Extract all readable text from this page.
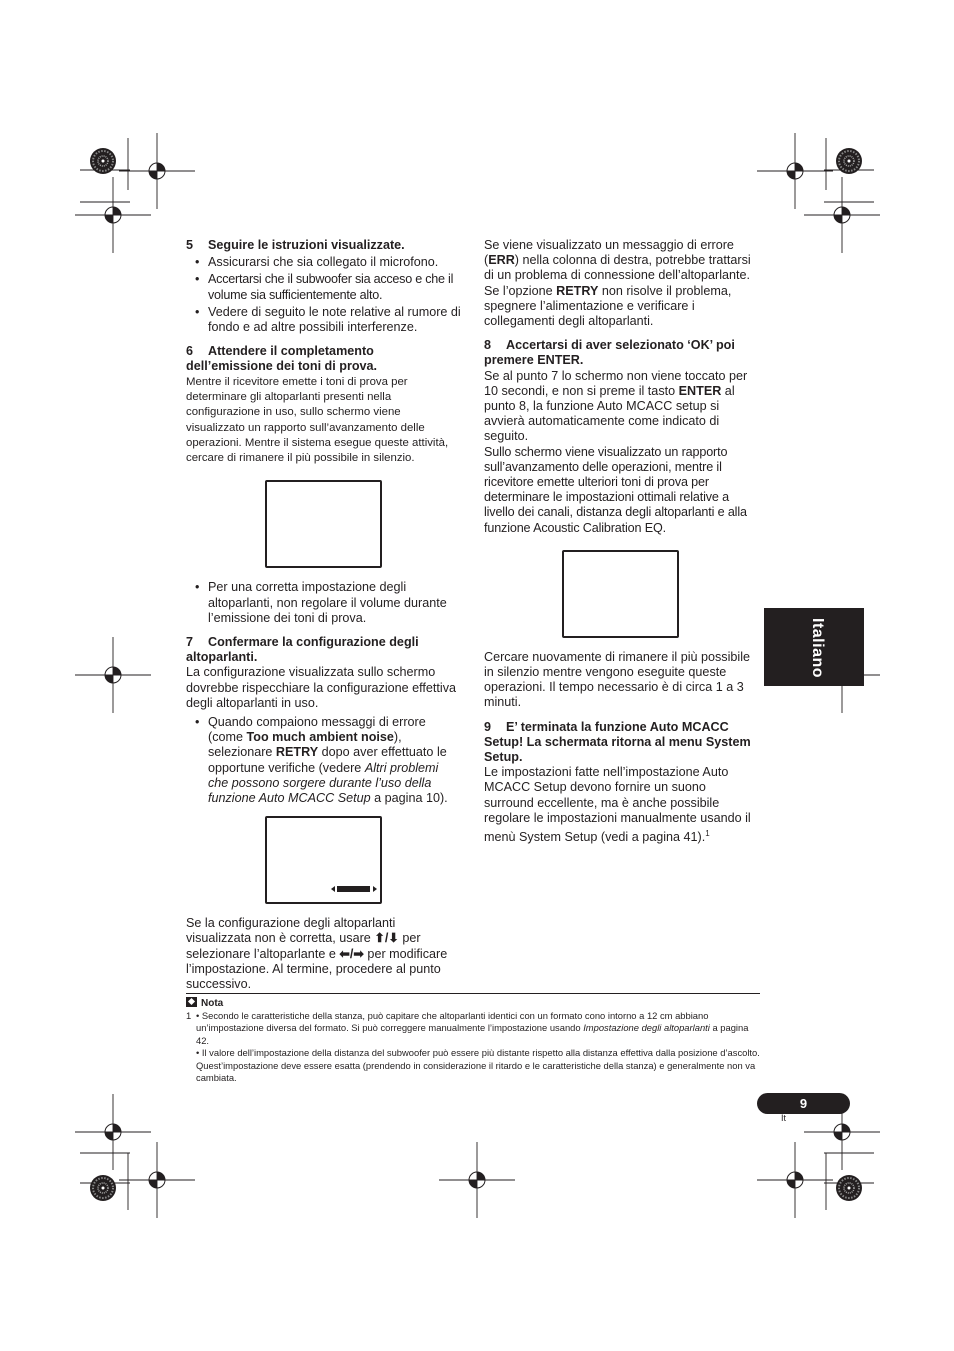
5 Seguire le istruzioni visualizzate.

• Assicurarsi che sia collegato il microfono.
• Accertarsi che il subwoofer sia acceso e che il volume sia sufficientemente alto.
• Vedere di seguito le note relative al rumore di fondo e ad altre possibili interferenze.

6 Attendere il completamento dell’emissione dei toni di prova.

Mentre il ricevitore emette i toni di prova per determinare gli altoparlanti presenti nella configurazione in uso, sullo schermo viene visualizzato un rapporto sull’avanzamento delle operazioni. Mentre il sistema esegue queste attività, cercare di rimanere il più possibile in silenzio.

• Per una corretta impostazione degli altoparlanti, non regolare il volume durante l’emissione dei toni di prova.

7 Confermare la configurazione degli altoparlanti.

La configurazione visualizzata sullo schermo dovrebbe rispecchiare la configurazione effettiva degli altoparlanti in uso.

• Quando compaiono messaggi di errore (come Too much ambient noise), selezionare RETRY dopo aver effettuato le opportune verifiche (vedere Altri problemi che possono sorgere durante l’uso della funzione Auto MCACC Setup a pagina 10).

Se la configurazione degli altoparlanti visualizzata non è corretta, usare ⬆/⬇ per selezionare l’altoparlante e ⬅/➡ per modificare l’impostazione. Al termine, procedere al punto successivo.

Se viene visualizzato un messaggio di errore (ERR) nella colonna di destra, potrebbe trattarsi di un problema di connessione dell’altoparlante. Se l’opzione RETRY non risolve il problema, spegnere l’alimentazione e verificare i collegamenti degli altoparlanti.

8 Accertarsi di aver selezionato ‘OK’ poi premere ENTER.

Se al punto 7 lo schermo non viene toccato per 10 secondi, e non si preme il tasto ENTER al punto 8, la funzione Auto MCACC setup si avvierà automaticamente come indicato di seguito.

Sullo schermo viene visualizzato un rapporto sull’avanzamento delle operazioni, mentre il ricevitore emette ulteriori toni di prova per determinare le impostazioni ottimali relative a livello dei canali, distanza degli altoparlanti e alla funzione Acoustic Calibration EQ.

Cercare nuovamente di rimanere il più possibile in silenzio mentre vengono eseguite queste operazioni. Il tempo necessario è di circa 1 a 3 minuti.

9 E’ terminata la funzione Auto MCACC Setup! La schermata ritorna al menu System Setup.

Le impostazioni fatte nell’impostazione Auto MCACC Setup devono fornire un suono surround eccellente, ma è anche possibile regolare le impostazioni manualmente usando il menù System Setup (vedi a pagina 41).$^1$

Italiano
Nota

1 • Secondo le caratteristiche della stanza, può capitare che altoparlanti identici con un formato cono intorno a 12 cm abbiano un’impostazione diversa del formato. Si può correggere manualmente l’impostazione usando Impostazione degli altoparlanti a pagina 42.

• Il valore dell’impostazione della distanza del subwoofer può essere più distante rispetto alla distanza effettiva dalla posizione d’ascolto. Quest’impostazione deve essere esatta (prendendo in considerazione il ritardo e le caratteristiche della stanza) e generalmente non va cambiata.

9
It
